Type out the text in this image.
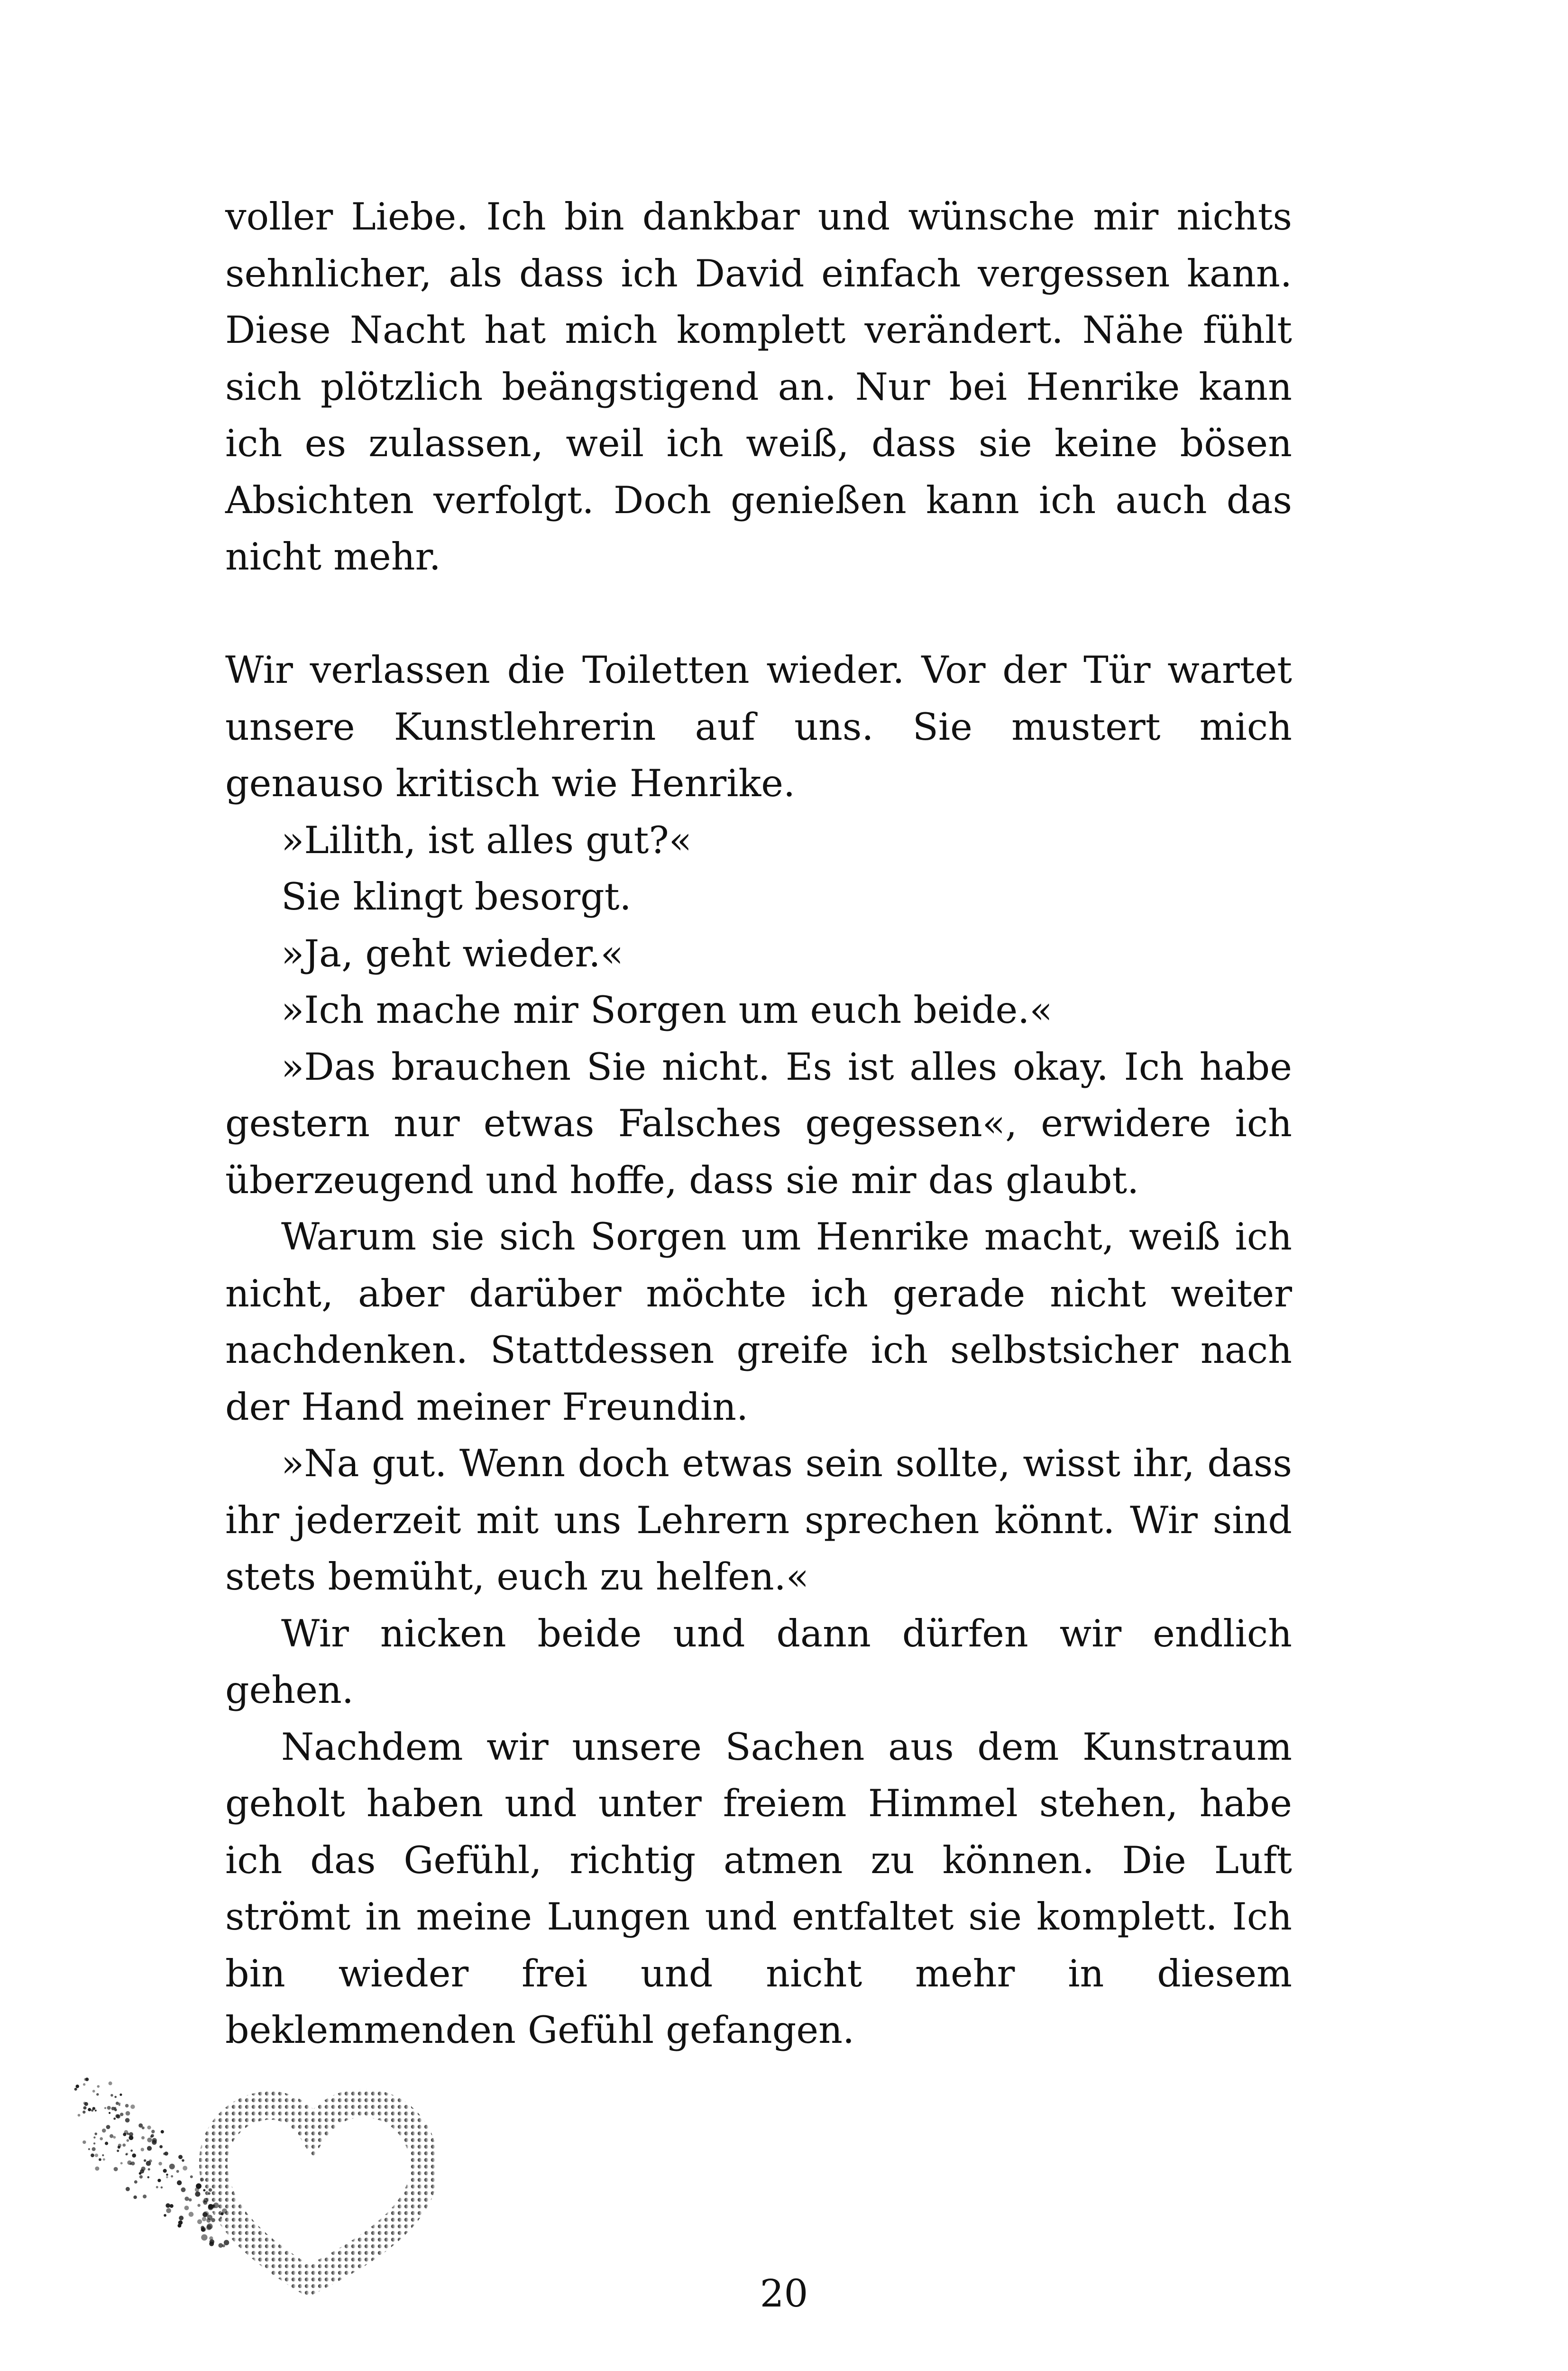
voller Liebe. Ich bin dankbar und wünsche mir nichts sehnlicher, als dass ich David einfach vergessen kann. Diese Nacht hat mich komplett verändert. Nähe fühlt sich plötzlich beängstigend an. Nur bei Henrike kann ich es zulassen, weil ich weiß, dass sie keine bösen Absichten verfolgt. Doch genießen kann ich auch das nicht mehr.

Wir verlassen die Toiletten wieder. Vor der Tür wartet unsere Kunstlehrerin auf uns. Sie mustert mich genauso kritisch wie Henrike.

»Lilith, ist alles gut?«

Sie klingt besorgt.

»Ja, geht wieder.«

»Ich mache mir Sorgen um euch beide.«

»Das brauchen Sie nicht. Es ist alles okay. Ich habe gestern nur etwas Falsches gegessen«, erwidere ich überzeugend und hoffe, dass sie mir das glaubt.

Warum sie sich Sorgen um Henrike macht, weiß ich nicht, aber darüber möchte ich gerade nicht weiter nachdenken. Stattdessen greife ich selbstsicher nach der Hand meiner Freundin.

»Na gut. Wenn doch etwas sein sollte, wisst ihr, dass ihr jederzeit mit uns Lehrern sprechen könnt. Wir sind stets bemüht, euch zu helfen.«

Wir nicken beide und dann dürfen wir endlich gehen.

Nachdem wir unsere Sachen aus dem Kunstraum geholt haben und unter freiem Himmel stehen, habe ich das Gefühl, richtig atmen zu können. Die Luft strömt in meine Lungen und entfaltet sie komplett. Ich bin wieder frei und nicht mehr in diesem beklemmenden Gefühl gefangen.

20
